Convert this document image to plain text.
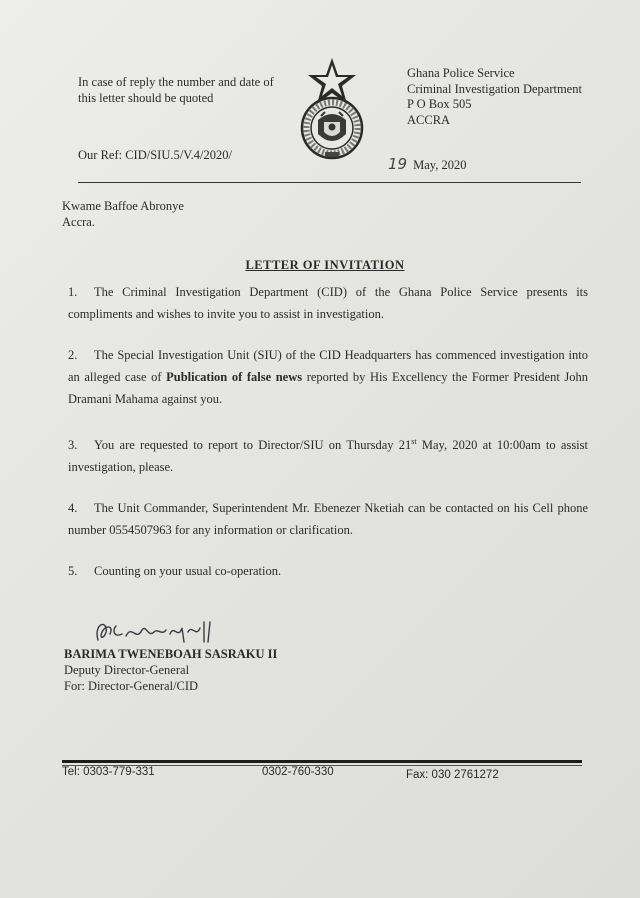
In case of reply the number and date of this letter should be quoted
Ghana Police Service
Criminal Investigation Department
P O Box 505
ACCRA
Our Ref: CID/SIU.5/V.4/2020/	19 May, 2020
Kwame Baffoe Abronye
Accra.
LETTER OF INVITATION
1. The Criminal Investigation Department (CID) of the Ghana Police Service presents its compliments and wishes to invite you to assist in investigation.
2. The Special Investigation Unit (SIU) of the CID Headquarters has commenced investigation into an alleged case of Publication of false news reported by His Excellency the Former President John Dramani Mahama against you.
3. You are requested to report to Director/SIU on Thursday 21st May, 2020 at 10:00am to assist investigation, please.
4. The Unit Commander, Superintendent Mr. Ebenezer Nketiah can be contacted on his Cell phone number 0554507963 for any information or clarification.
5. Counting on your usual co-operation.
BARIMA TWENEBOAH SASRAKU II
Deputy Director-General
For: Director-General/CID
Tel: 0303-779-331	0302-760-330	Fax: 030 2761272
